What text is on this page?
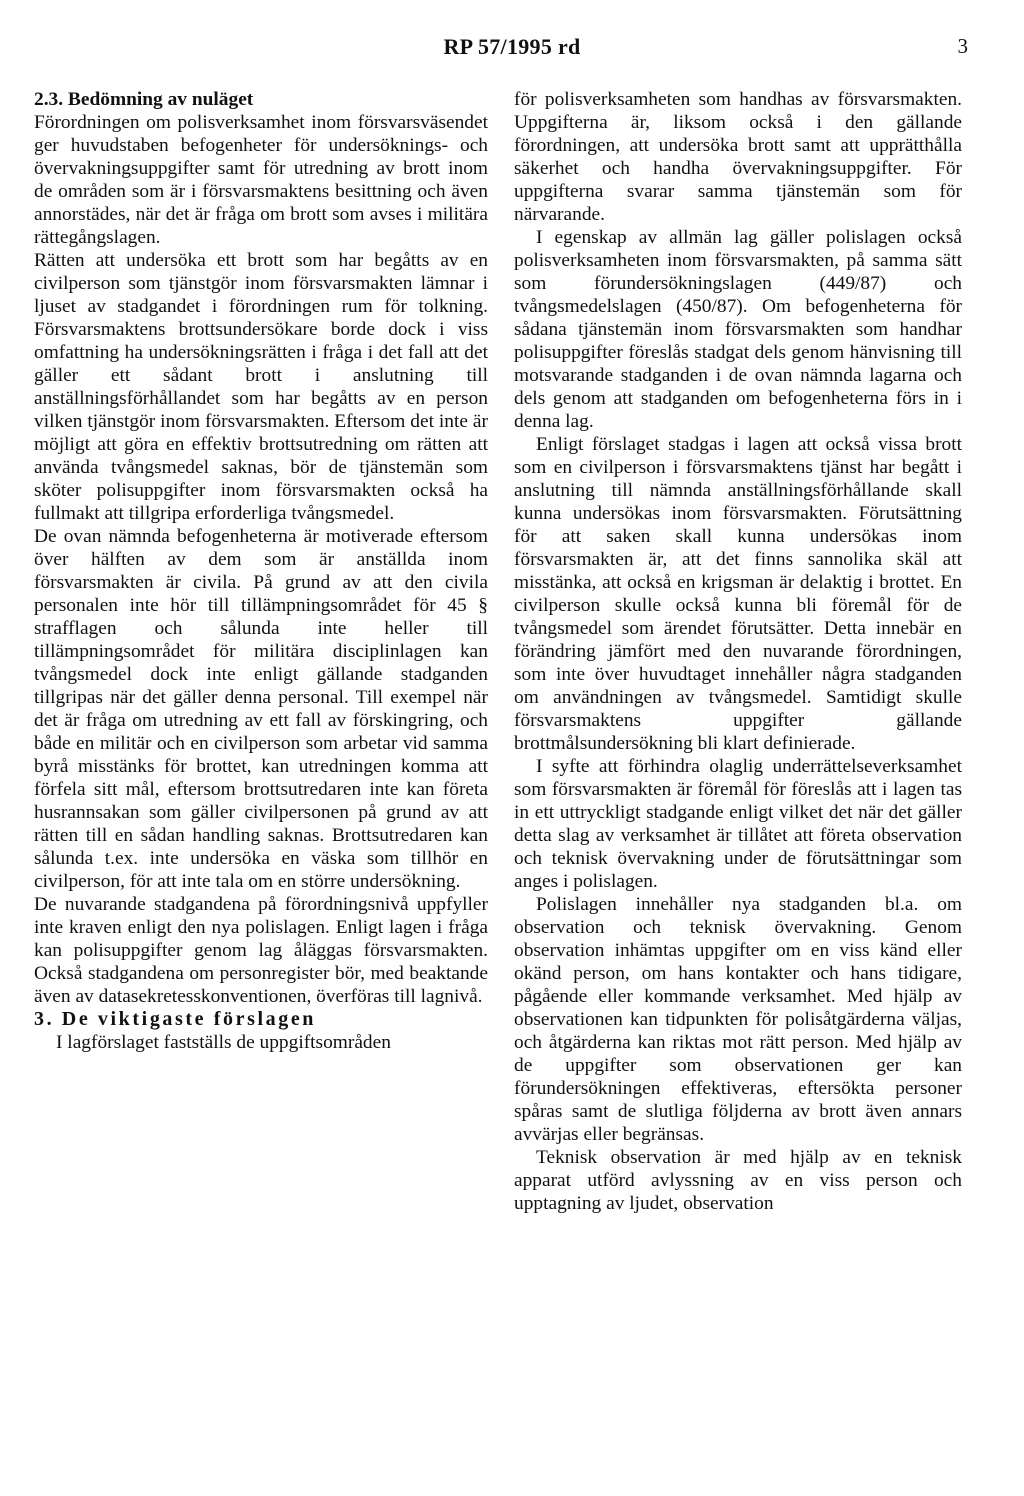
RP 57/1995 rd	3

2.3. Bedömning av nuläget

Förordningen om polisverksamhet inom försvarsväsendet ger huvudstaben befogenheter för undersöknings- och övervakningsuppgifter samt för utredning av brott inom de områden som är i försvarsmaktens besittning och även annorstädes, när det är fråga om brott som avses i militära rättegångslagen.

Rätten att undersöka ett brott som har begåtts av en civilperson som tjänstgör inom försvarsmakten lämnar i ljuset av stadgandet i förordningen rum för tolkning. Försvarsmaktens brottsundersökare borde dock i viss omfattning ha undersökningsrätten i fråga i det fall att det gäller ett sådant brott i anslutning till anställningsförhållandet som har begåtts av en person vilken tjänstgör inom försvarsmakten. Eftersom det inte är möjligt att göra en effektiv brottsutredning om rätten att använda tvångsmedel saknas, bör de tjänstemän som sköter polisuppgifter inom försvarsmakten också ha fullmakt att tillgripa erforderliga tvångsmedel.

De ovan nämnda befogenheterna är motiverade eftersom över hälften av dem som är anställda inom försvarsmakten är civila. På grund av att den civila personalen inte hör till tillämpningsområdet för 45 § strafflagen och sålunda inte heller till tillämpningsområdet för militära disciplinlagen kan tvångsmedel dock inte enligt gällande stadganden tillgripas när det gäller denna personal. Till exempel när det är fråga om utredning av ett fall av förskingring, och både en militär och en civilperson som arbetar vid samma byrå misstänks för brottet, kan utredningen komma att förfela sitt mål, eftersom brottsutredaren inte kan företa husrannsakan som gäller civilpersonen på grund av att rätten till en sådan handling saknas. Brottsutredaren kan sålunda t.ex. inte undersöka en väska som tillhör en civilperson, för att inte tala om en större undersökning.

De nuvarande stadgandena på förordningsnivå uppfyller inte kraven enligt den nya polislagen. Enligt lagen i fråga kan polisuppgifter genom lag åläggas försvarsmakten. Också stadgandena om personregister bör, med beaktande även av datasekretesskonventionen, överföras till lagnivå.

3. De viktigaste förslagen

I lagförslaget fastställs de uppgiftsområden

för polisverksamheten som handhas av försvarsmakten. Uppgifterna är, liksom också i den gällande förordningen, att undersöka brott samt att upprätthålla säkerhet och handha övervakningsuppgifter. För uppgifterna svarar samma tjänstemän som för närvarande.

I egenskap av allmän lag gäller polislagen också polisverksamheten inom försvarsmakten, på samma sätt som förundersökningslagen (449/87) och tvångsmedelslagen (450/87). Om befogenheterna för sådana tjänstemän inom försvarsmakten som handhar polisuppgifter föreslås stadgat dels genom hänvisning till motsvarande stadganden i de ovan nämnda lagarna och dels genom att stadganden om befogenheterna förs in i denna lag.

Enligt förslaget stadgas i lagen att också vissa brott som en civilperson i försvarsmaktens tjänst har begått i anslutning till nämnda anställningsförhållande skall kunna undersökas inom försvarsmakten. Förutsättning för att saken skall kunna undersökas inom försvarsmakten är, att det finns sannolika skäl att misstänka, att också en krigsman är delaktig i brottet. En civilperson skulle också kunna bli föremål för de tvångsmedel som ärendet förutsätter. Detta innebär en förändring jämfört med den nuvarande förordningen, som inte över huvudtaget innehåller några stadganden om användningen av tvångsmedel. Samtidigt skulle försvarsmaktens uppgifter gällande brottmålsundersökning bli klart definierade.

I syfte att förhindra olaglig underrättelseverksamhet som försvarsmakten är föremål för föreslås att i lagen tas in ett uttryckligt stadgande enligt vilket det när det gäller detta slag av verksamhet är tillåtet att företa observation och teknisk övervakning under de förutsättningar som anges i polislagen.

Polislagen innehåller nya stadganden bl.a. om observation och teknisk övervakning. Genom observation inhämtas uppgifter om en viss känd eller okänd person, om hans kontakter och hans tidigare, pågående eller kommande verksamhet. Med hjälp av observationen kan tidpunkten för polisåtgärderna väljas, och åtgärderna kan riktas mot rätt person. Med hjälp av de uppgifter som observationen ger kan förundersökningen effektiveras, eftersökta personer spåras samt de slutliga följderna av brott även annars avvärjas eller begränsas.

Teknisk observation är med hjälp av en teknisk apparat utförd avlyssning av en viss person och upptagning av ljudet, observation
